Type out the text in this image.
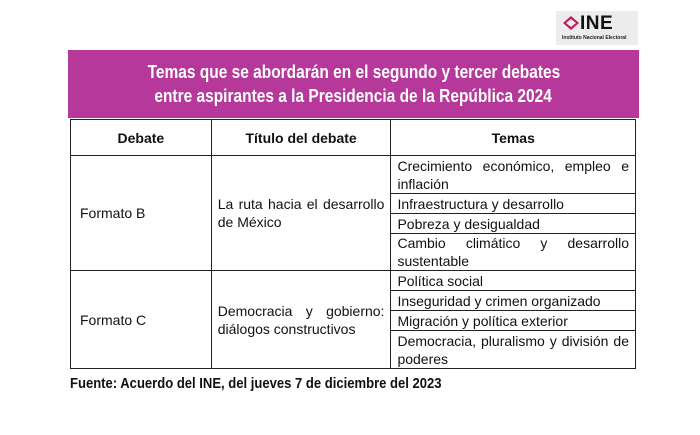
INE
Instituto Nacional Electoral
Temas que se abordarán en el segundo y tercer debates
entre aspirantes a la Presidencia de la República 2024
Debate	Título del debate	Temas
Formato B	La ruta hacia el desarrollo de México	Crecimiento económico, empleo e inflación
		Infraestructura y desarrollo
		Pobreza y desigualdad
		Cambio climático y desarrollo sustentable
Formato C	Democracia y gobierno: diálogos constructivos	Política social
		Inseguridad y crimen organizado
		Migración y política exterior
		Democracia, pluralismo y división de poderes
Fuente: Acuerdo del INE, del jueves 7 de diciembre del 2023
